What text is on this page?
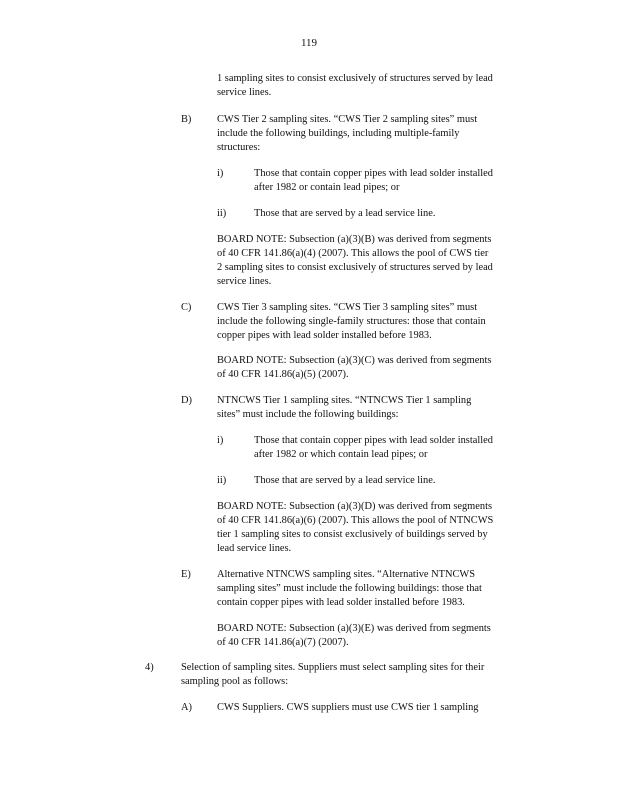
119

1 sampling sites to consist exclusively of structures served by lead

service lines.

B) CWS Tier 2 sampling sites. “CWS Tier 2 sampling sites” must

include the following buildings, including multiple-family

structures:

i)	Those that contain copper pipes with lead solder installed

after 1982 or contain lead pipes; or

ii)	Those that are served by a lead service line.

BOARD NOTE: Subsection (a)(3)(B) was derived from segments

of 40 CFR 141.86(a)(4) (2007). This allows the pool of CWS tier

2 sampling sites to consist exclusively of structures served by lead

service lines.

C) CWS Tier 3 sampling sites. “CWS Tier 3 sampling sites” must

include the following single-family structures: those that contain

copper pipes with lead solder installed before 1983.

BOARD NOTE: Subsection (a)(3)(C) was derived from segments

of 40 CFR 141.86(a)(5) (2007).

D) NTNCWS Tier 1 sampling sites. “NTNCWS Tier 1 sampling

sites” must include the following buildings:

i)	Those that contain copper pipes with lead solder installed

after 1982 or which contain lead pipes; or

ii)	Those that are served by a lead service line.

BOARD NOTE: Subsection (a)(3)(D) was derived from segments

of 40 CFR 141.86(a)(6) (2007). This allows the pool of NTNCWS

tier 1 sampling sites to consist exclusively of buildings served by

lead service lines.

E)	Alternative NTNCWS sampling sites. “Alternative NTNCWS

sampling sites” must include the following buildings: those that

contain copper pipes with lead solder installed before 1983.

BOARD NOTE: Subsection (a)(3)(E) was derived from segments

of 40 CFR 141.86(a)(7) (2007).

4)	Selection of sampling sites. Suppliers must select sampling sites for their

sampling pool as follows:

A) CWS Suppliers. CWS suppliers must use CWS tier 1 sampling
